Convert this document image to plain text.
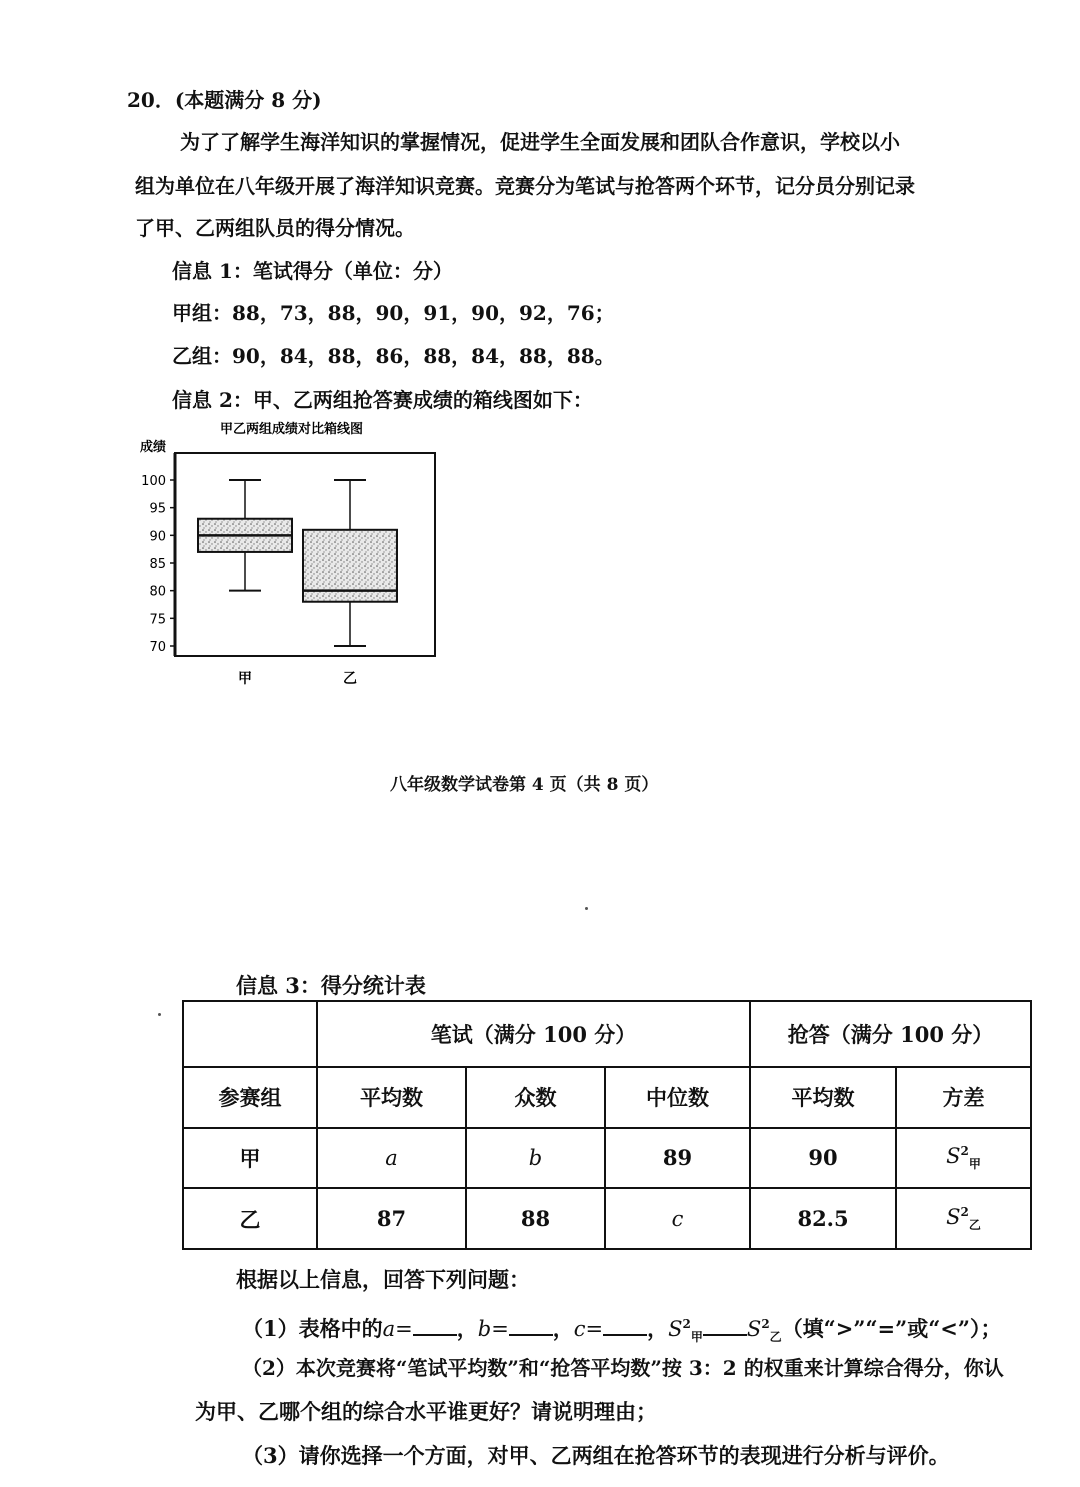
20．(本题满分 8 分)
为了了解学生海洋知识的掌握情况，促进学生全面发展和团队合作意识，学校以小
组为单位在八年级开展了海洋知识竞赛。竞赛分为笔试与抢答两个环节，记分员分别记录
了甲、乙两组队员的得分情况。
信息 1：笔试得分（单位：分）
甲组：88，73，88，90，91，90，92，76；
乙组：90，84，88，86，88，84，88，88。
信息 2：甲、乙两组抢答赛成绩的箱线图如下：
甲乙两组成绩对比箱线图
成绩
100
95
90
85
80
75
70
甲	乙
八年级数学试卷第 4 页（共 8 页）
信息 3：得分统计表
	笔试（满分 100 分）			抢答（满分 100 分）	
参赛组	平均数	众数	中位数	平均数	方差
甲	a	b	89	90	$S^2_甲$
乙	87	88	c	82.5	$S^2_乙$
根据以上信息，回答下列问题：
（1）表格中的a= ，b= ，c= ，$S^2_甲$ $S^2_乙$（填“>”“=”或“<”）；
（2）本次竞赛将“笔试平均数”和“抢答平均数”按 3：2 的权重来计算综合得分，你认
为甲、乙哪个组的综合水平谁更好？请说明理由；
（3）请你选择一个方面，对甲、乙两组在抢答环节的表现进行分析与评价。
